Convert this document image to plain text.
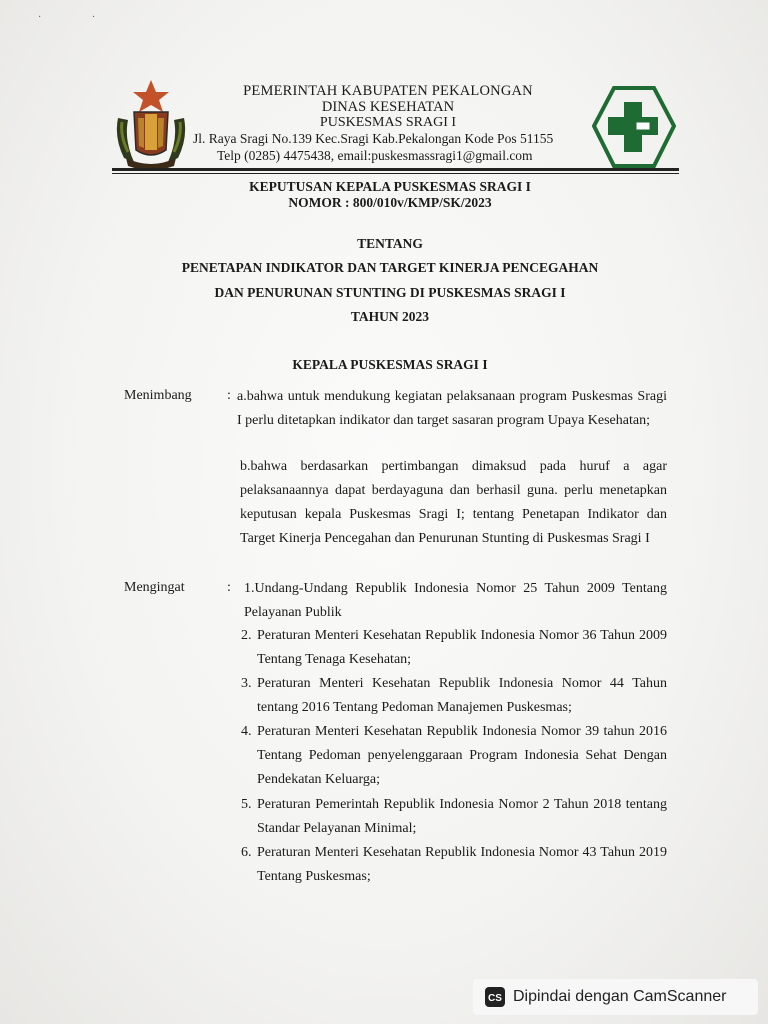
· ·
PEMERINTAH KABUPATEN PEKALONGAN
DINAS KESEHATAN
PUSKESMAS SRAGI I
Jl. Raya Sragi No.139 Kec.Sragi Kab.Pekalongan Kode Pos 51155
Telp (0285) 4475438, email:puskesmassragi1@gmail.com
KEPUTUSAN KEPALA PUSKESMAS SRAGI I
NOMOR : 800/010v/KMP/SK/2023
TENTANG
PENETAPAN INDIKATOR DAN TARGET KINERJA PENCEGAHAN
DAN PENURUNAN STUNTING DI PUSKESMAS SRAGI I
TAHUN 2023
KEPALA PUSKESMAS SRAGI I
Menimbang	: a.bahwa untuk mendukung kegiatan pelaksanaan program Puskesmas Sragi I perlu ditetapkan indikator dan target sasaran program Upaya Kesehatan;
b.bahwa berdasarkan pertimbangan dimaksud pada huruf a agar pelaksanaannya dapat berdayaguna dan berhasil guna. perlu menetapkan keputusan kepala Puskesmas Sragi I; tentang Penetapan Indikator dan Target Kinerja Pencegahan dan Penurunan Stunting di Puskesmas Sragi I
Mengingat	: 1.Undang-Undang Republik Indonesia Nomor 25 Tahun 2009 Tentang Pelayanan Publik
2. Peraturan Menteri Kesehatan Republik Indonesia Nomor 36 Tahun 2009 Tentang Tenaga Kesehatan;
3. Peraturan Menteri Kesehatan Republik Indonesia Nomor 44 Tahun tentang 2016 Tentang Pedoman Manajemen Puskesmas;
4. Peraturan Menteri Kesehatan Republik Indonesia Nomor 39 tahun 2016 Tentang Pedoman penyelenggaraan Program Indonesia Sehat Dengan Pendekatan Keluarga;
5. Peraturan Pemerintah Republik Indonesia Nomor 2 Tahun 2018 tentang Standar Pelayanan Minimal;
6. Peraturan Menteri Kesehatan Republik Indonesia Nomor 43 Tahun 2019 Tentang Puskesmas;
CS Dipindai dengan CamScanner
